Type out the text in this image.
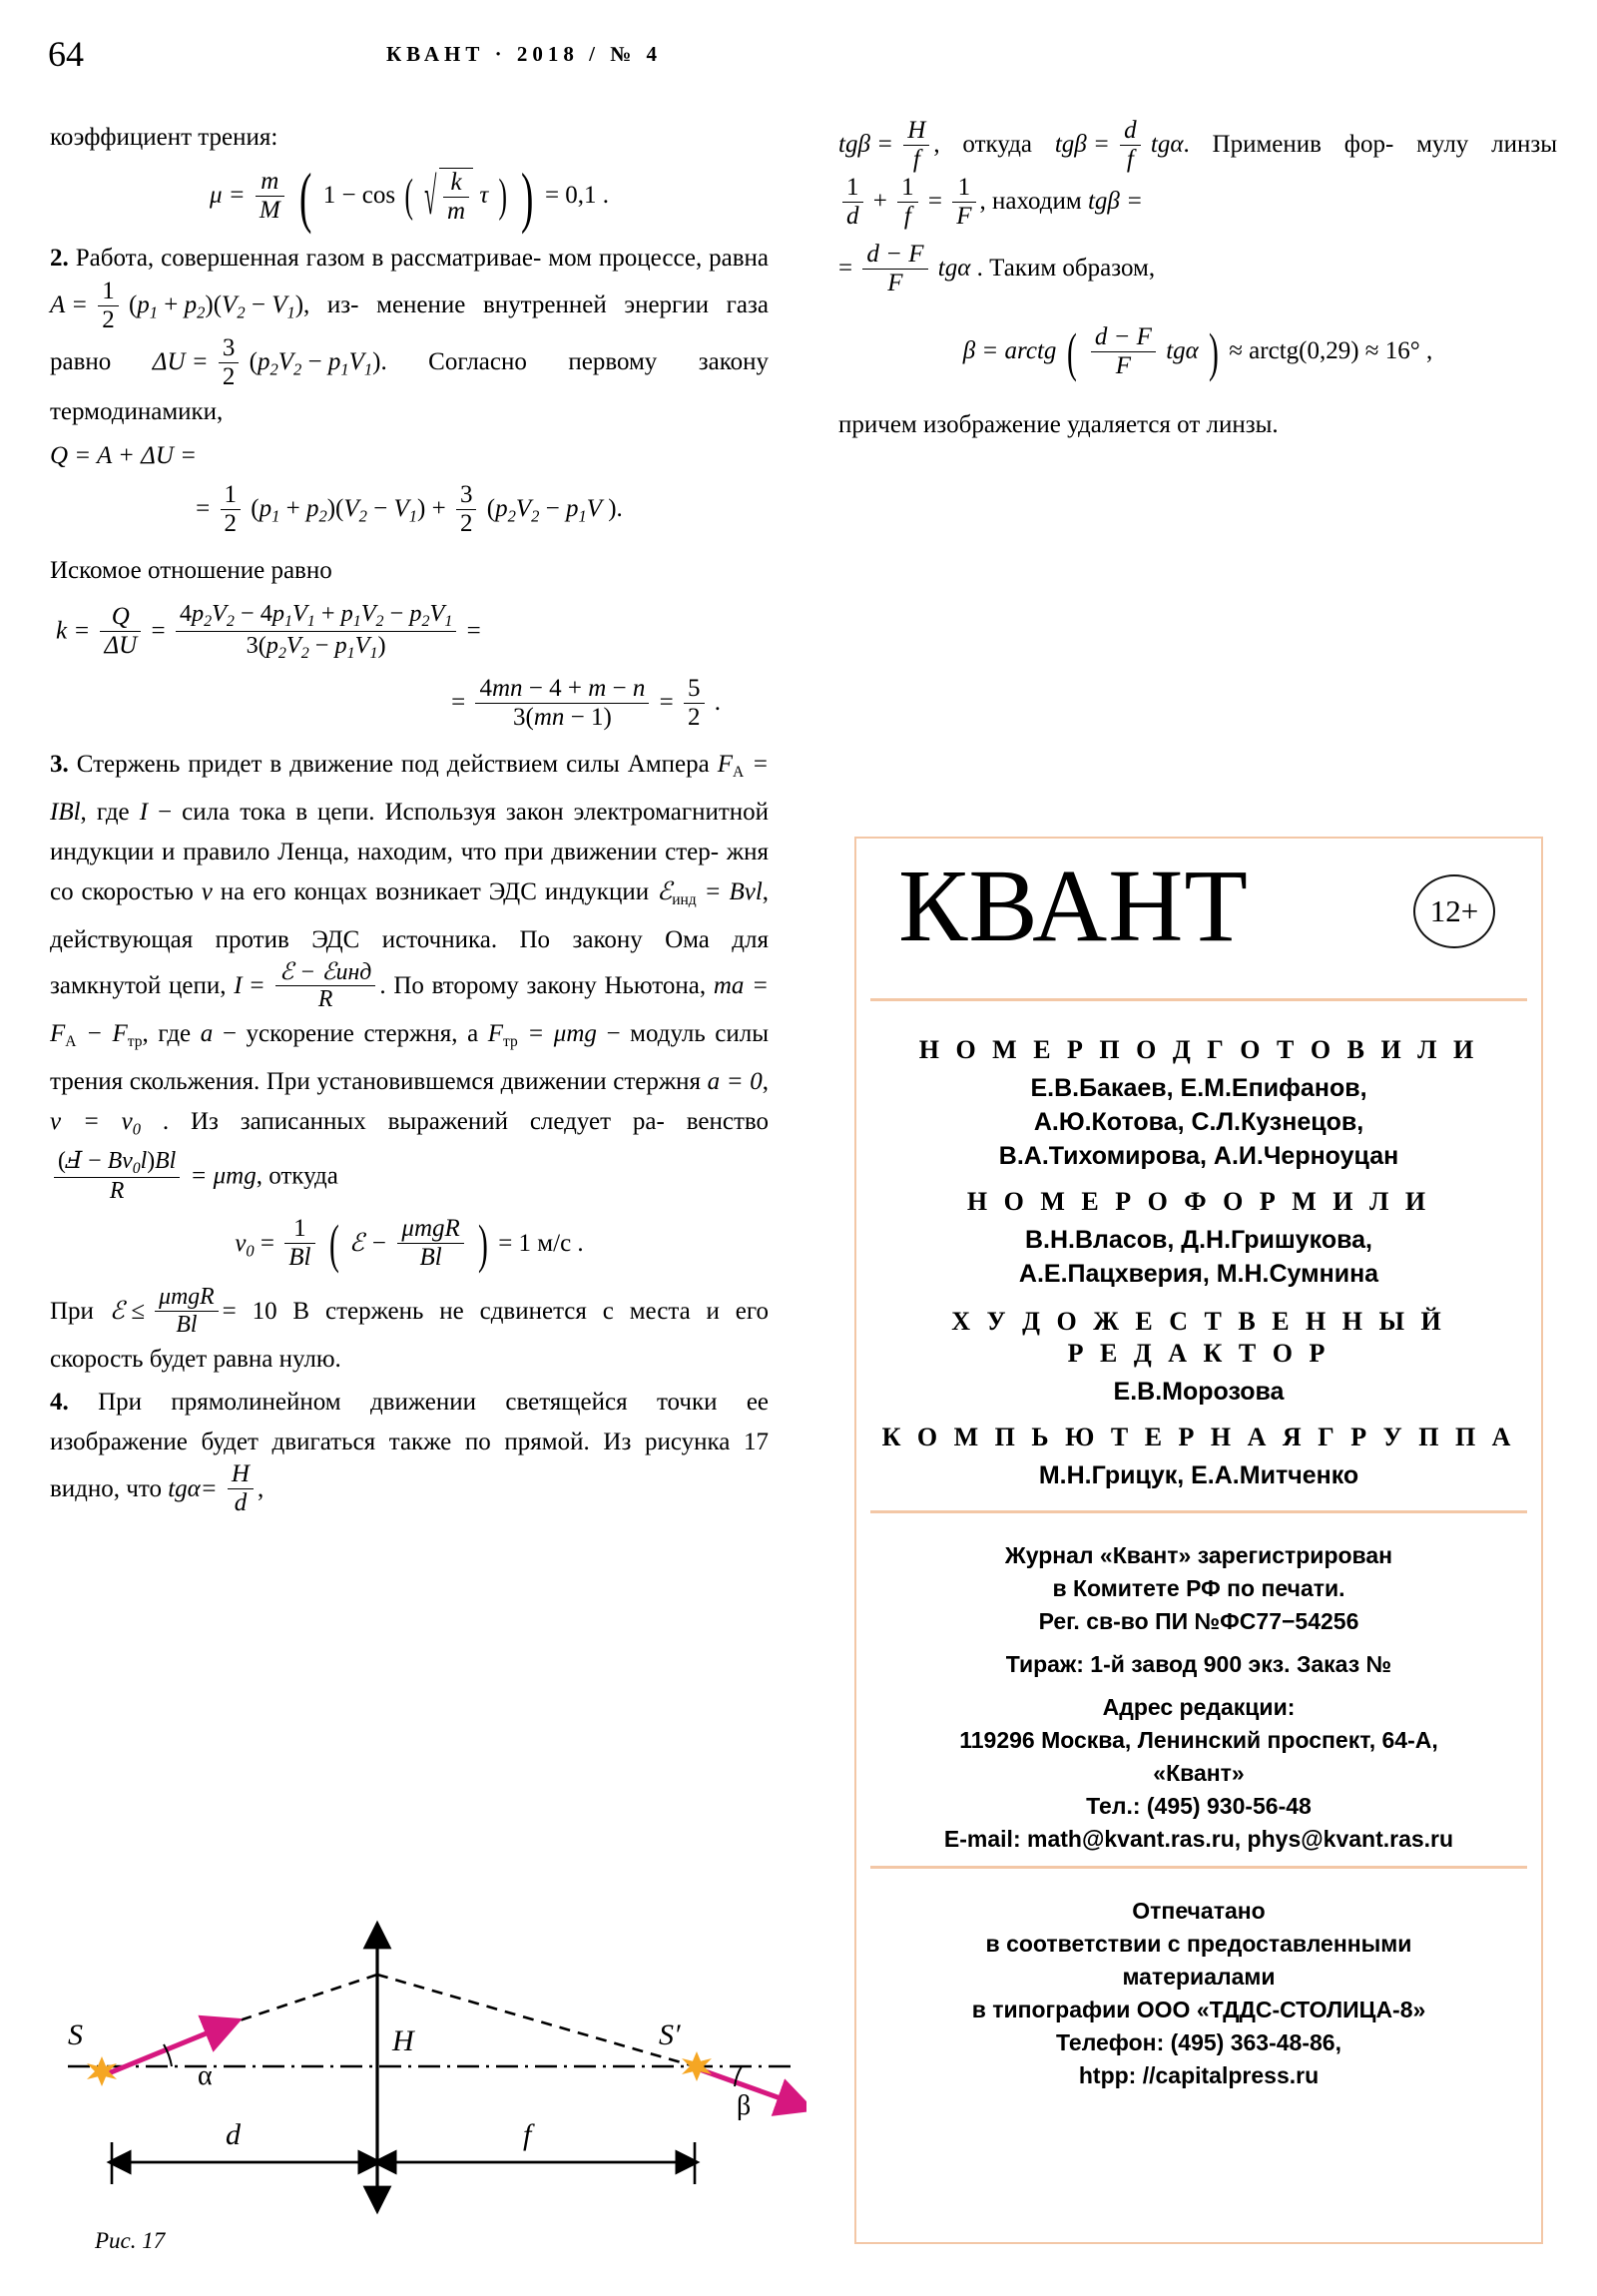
64	КВАНТ · 2018 / № 4

коэффициент трения:

$\mu = \frac{m}{M}$ ( 1 − cos ( √ $\frac{k}{m}$ τ ) ) = 0,1 .

2. Работа, совершенная газом в рассматривае- мом процессе, равна $A = \frac{1}{2} (p_1 + p_2)(V_2 - V_1)$, из- менение внутренней энергии газа равно $\Delta U = \frac{3}{2} (p_2V_2 - p_1V_1)$. Согласно первому закону термодинамики,

Q = A + ΔU =
= $\frac{1}{2} (p_1 + p_2)(V_2 - V_1) + \frac{3}{2} (p_2V_2 - p_1V$ ).

Искомое отношение равно

$k = \frac{Q}{\Delta U} = \frac{4p_2V_2 - 4p_1V_1 + p_1V_2 - p_2V_1}{3(p_2V_2 - p_1V_1)}$ =
= $\frac{4mn - 4 + m - n}{3(mn - 1)} = \frac{5}{2}$ .

3. Стержень придет в движение под действием силы Ампера FA = IBl, где I − сила тока в цепи. Используя закон электромагнитной индукции и правило Ленца, находим, что при движении стер- жня со скоростью v на его концах возникает ЭДС индукции ℰинд = Bvl, действующая против ЭДС источника. По закону Ома для замкнутой цепи, $I = \frac{\text{ℰ − ℰинд}}{R}$ . По второму закону Ньютона, ma = FA − Fтр, где a − ускорение стержня, а Fтр = μmg − модуль силы трения скольжения. При установившемся движении стержня a = 0, $v = v_0$ . Из записанных выражений следует ра- венство
$\frac{(Ⅎ - Bv_0l)Bl}{R} = \mu mg$, откуда

$v_0 = \frac{1}{Bl}$ ( ℰ − $\frac{\text{μmgR}}{Bl}$ ) = 1 м/с .

При ℰ ≤ $\frac{\text{μmgR}}{Bl} = 10$ В стержень не сдвинется с места и его скорость будет равна нулю.

4. При прямолинейном движении светящейся точки ее изображение будет двигаться также по прямой. Из рисунка 17 видно, что $tg\alpha= \frac{H}{d}$ ,

$tg\beta = \frac{H}{f}$ , откуда $tg\beta = \frac{d}{f} tg\alpha$. Применив фор- мулу линзы
$\frac{1}{d} + \frac{1}{f} = \frac{1}{F}$ , находим tgβ =

= $\frac{d - F}{F}$ tgα . Таким образом,
β = arctg ( $\frac{d - F}{F}$ tgα ) ≈ arctg(0,29) ≈ 16° ,

причем изображение удаляется от линзы.

S	S′
H
α
β
d	f
Рис. 17
КВАНТ	12+
Н О М Е Р П О Д Г О Т О В И Л И
Е.В.Бакаев, Е.М.Епифанов,
А.Ю.Котова, С.Л.Кузнецов,
В.А.Тихомирова, А.И.Черноуцан
Н О М Е Р О Ф О Р М И Л И
В.Н.Власов, Д.Н.Гришукова,
А.Е.Пацхверия, М.Н.Сумнина
Х У Д О Ж Е С Т В Е Н Н Ы Й
Р Е Д А К Т О Р
Е.В.Морозова
К О М П Ь Ю Т Е Р Н А Я Г Р У П П А
М.Н.Грицук, Е.А.Митченко
Журнал «Квант» зарегистрирован
в Комитете РФ по печати.
Рег. св-во ПИ №ФС77−54256
Тираж: 1-й завод 900 экз. Заказ №
Адрес редакции:
119296 Москва, Ленинский проспект, 64-А,
«Квант»
Тел.: (495) 930-56-48
E-mail: math@kvant.ras.ru, phys@kvant.ras.ru
Отпечатано
в соответствии с предоставленными
материалами
в типографии ООО «ТДДС-СТОЛИЦА-8»
Телефон: (495) 363-48-86,
htpp: //capitalpress.ru
